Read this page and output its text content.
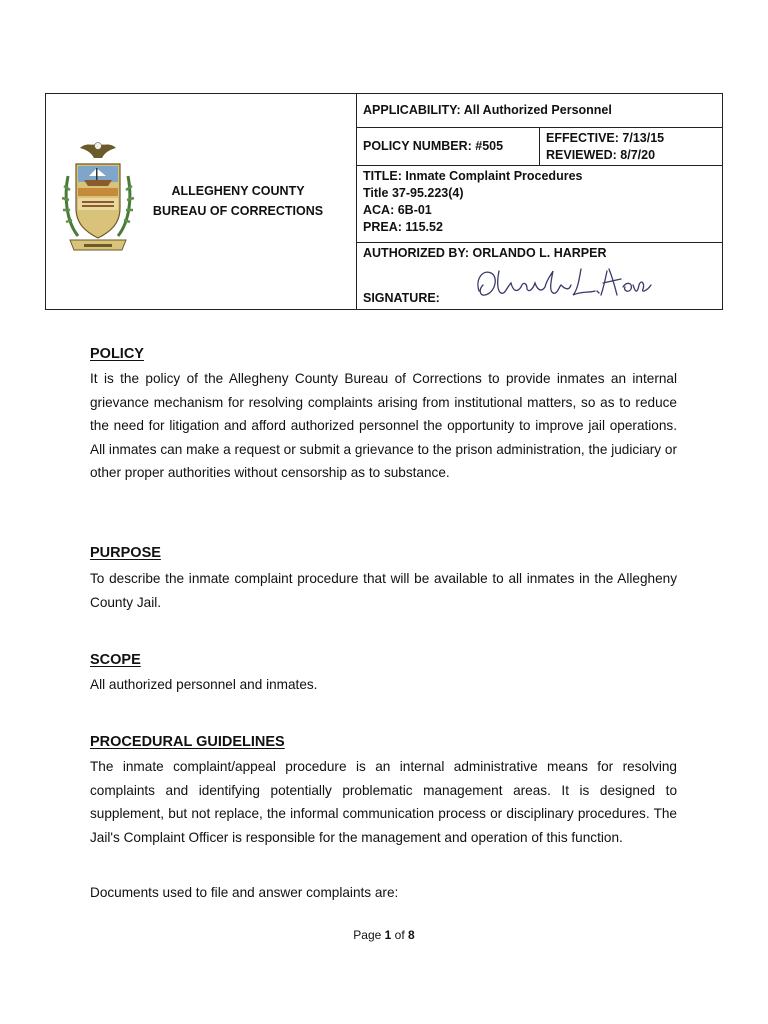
ALLEGHENY COUNTY
BUREAU OF CORRECTIONS	APPLICABILITY: All Authorized Personnel	
	POLICY NUMBER: #505	EFFECTIVE: 7/13/15
REVIEWED: 8/7/20

	TITLE: Inmate Complaint Procedures
Title 37-95.223(4)
ACA: 6B-01
PREA: 115.52	

	AUTHORIZED BY: ORLANDO L. HARPER
SIGNATURE:	
POLICY
It is the policy of the Allegheny County Bureau of Corrections to provide inmates an internal grievance mechanism for resolving complaints arising from institutional matters, so as to reduce the need for litigation and afford authorized personnel the opportunity to improve jail operations. All inmates can make a request or submit a grievance to the prison administration, the judiciary or other proper authorities without censorship as to substance.
PURPOSE
To describe the inmate complaint procedure that will be available to all inmates in the Allegheny County Jail.
SCOPE
All authorized personnel and inmates.
PROCEDURAL GUIDELINES
The inmate complaint/appeal procedure is an internal administrative means for resolving complaints and identifying potentially problematic management areas. It is designed to supplement, but not replace, the informal communication process or disciplinary procedures. The Jail's Complaint Officer is responsible for the management and operation of this function.
Documents used to file and answer complaints are:
Page 1 of 8
